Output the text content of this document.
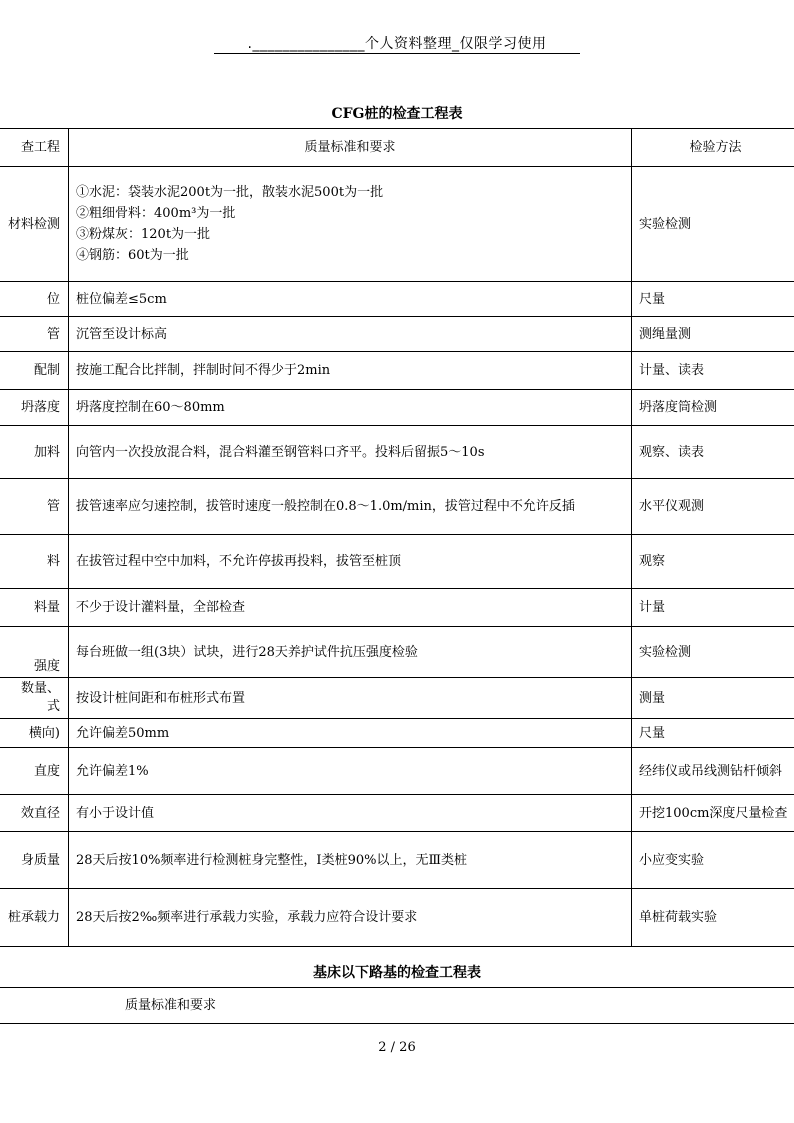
._______________个人资料整理_仅限学习使用
CFG桩的检查工程表
查工程	质量标准和要求	检验方法

材料检测	①水泥：袋装水泥200t为一批，散装水泥500t为一批
②粗细骨料：400m³为一批
③粉煤灰：120t为一批
④钢筋：60t为一批	实验检测

位	桩位偏差≤5cm	尺量

管	沉管至设计标高	测绳量测

配制	按施工配合比拌制，拌制时间不得少于2min	计量、读表

坍落度	坍落度控制在60～80mm	坍落度筒检测

加料	向管内一次投放混合料，混合料灌至钢管料口齐平。投料后留振5～10s	观察、读表

管	拔管速率应匀速控制，拔管时速度一般控制在0.8～1.0m/min，拔管过程中不允许反插	水平仪观测

料	在拔管过程中空中加料，不允许停拔再投料，拔管至桩顶	观察

料量	不少于设计灌料量，全部检查	计量

强度	每台班做一组(3块）试块，进行28天养护试件抗压强度检验	实验检测

数量、
式	按设计桩间距和布桩形式布置	测量

横向)	允许偏差50mm	尺量

直度	允许偏差1%	经纬仪或吊线测钻杆倾斜

效直径	有小于设计值	开挖100cm深度尺量检查

身质量	28天后按10%频率进行检测桩身完整性，I类桩90%以上，无Ⅲ类桩	小应变实验

桩承载力	28天后按2‰频率进行承载力实验，承载力应符合设计要求	单桩荷载实验
基床以下路基的检查工程表
	质量标准和要求	
2 / 26
